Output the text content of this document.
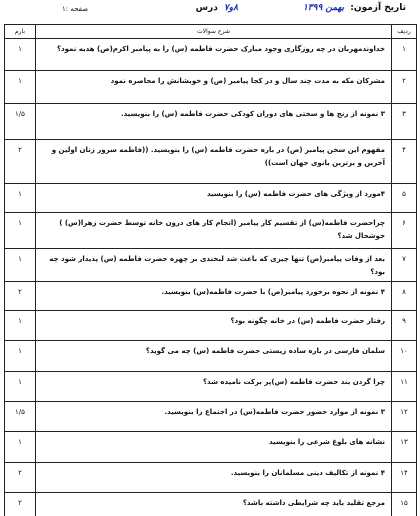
تاریخ آزمون: بهمن ۱۳۹۹
۸و۷ درس
صفحه :۱
ردیف	شرح سوالات	بارم
۱	خداوندمهربان در چه روزگاری وجود مبارک حضرت فاطمه (س) را به پیامبر اکرم(ص) هدیه نمود؟	۱
۲	مشرکان مکه به مدت چند سال و در کجا پیامبر (ص) و خویشانش را محاصره نمود	۱
۳	۳ نمونه از رنج ها و سختی های دوران کودکی حضرت فاطمه (س) را بنویسید.	۱/۵
۴	مفهوم این سخن پیامبر (ص) در باره حضرت فاطمه (س) را بنویسید. ((فاطمه سرور زنان اولین و آخرین و برترین بانوی جهان است))	۲
۵	۴مورد از ویژگی های حضرت فاطمه (س) را بنویسید	۱
۶	چراحضرت فاطمه(س) از تقسیم کار پیامبر (انجام کار های درون خانه توسط حضرت زهرا(س) ) خوشحال شد؟	۱
۷	بعد از وفات پیامبر(ص) تنها چیزی که باعث شد لبخندی بر چهره حضرت فاطمه (س) پدیدار شود چه بود؟	۱
۸	۴ نمونه از نحوه برخورد پیامبر(ص) با حضرت فاطمه(س) بنویسید.	۲
۹	رفتار حضرت فاطمه (س) در خانه چگونه بود؟	۱
۱۰	سلمان فارسی در باره ساده زیستی حضرت فاطمه (س) چه می گوید؟	۱
۱۱	چرا گردن بند حضرت فاطمه (س)پر برکت نامیده شد؟	۱
۱۲	۳ نمونه از موارد حضور حضرت فاطمه(س) در اجتماع را بنویسید.	۱/۵
۱۳	نشانه های بلوغ شرعی را بنویسید	۱
۱۴	۴ نمونه از تکالیف دینی مسلمانان را بنویسید.	۲
۱۵	مرجع تقلید باید چه شرایطی داشته باشد؟	۲
